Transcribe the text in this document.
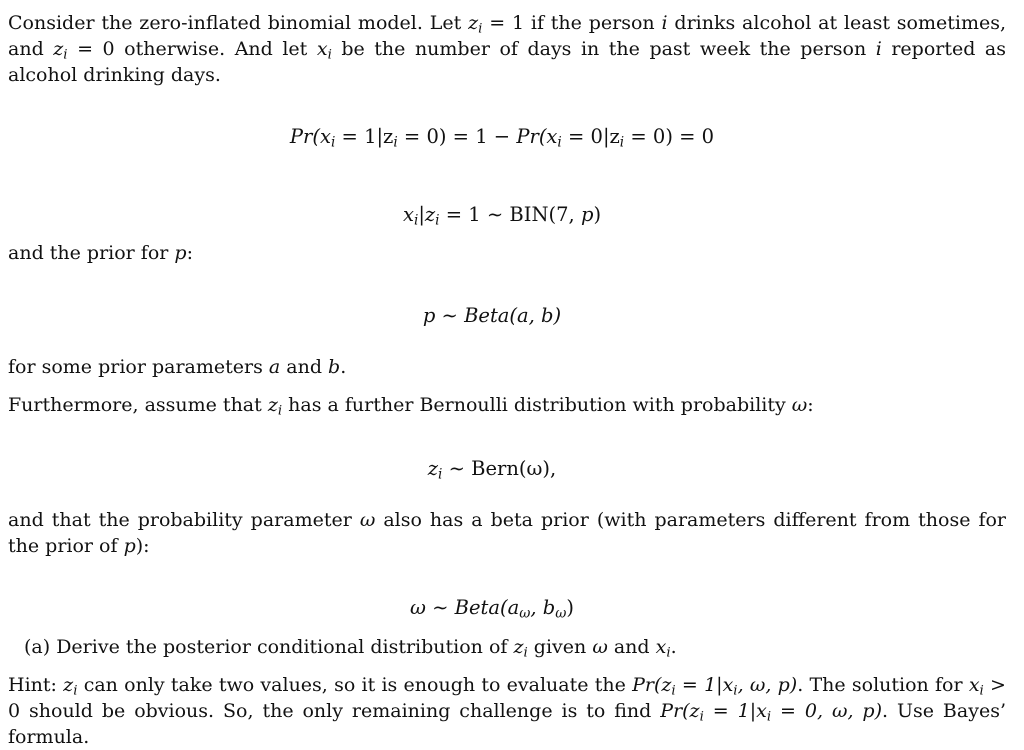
Consider the zero-inflated binomial model. Let $z_i = 1$ if the person i drinks alcohol at least sometimes, and $z_i = 0$ otherwise. And let $x_i$ be the number of days in the past week the person i reported as alcohol drinking days.
$Pr(x_i = 1|z_i = 0) = 1 - Pr(x_i = 0|z_i = 0) = 0$
$x_i|z_i = 1$ ∼ BIN(7, p)
and the prior for p:
p ∼ Beta(a, b)
for some prior parameters a and b.
Furthermore, assume that $z_i$ has a further Bernoulli distribution with probability ω:
$z_i$ ∼ Bern(ω),
and that the probability parameter ω also has a beta prior (with parameters different from those for the prior of p):
ω ∼ $Beta(a_\omega$, $b_\omega$)
(a) Derive the posterior conditional distribution of $z_i$ given ω and $x_i$.
Hint: $z_i$ can only take two values, so it is enough to evaluate the $Pr(z_i = 1|x_i$, ω, p). The solution for $x_i > 0$ should be obvious. So, the only remaining challenge is to find $Pr(z_i = 1|x_i = 0$, ω, p). Use Bayes’ formula.
